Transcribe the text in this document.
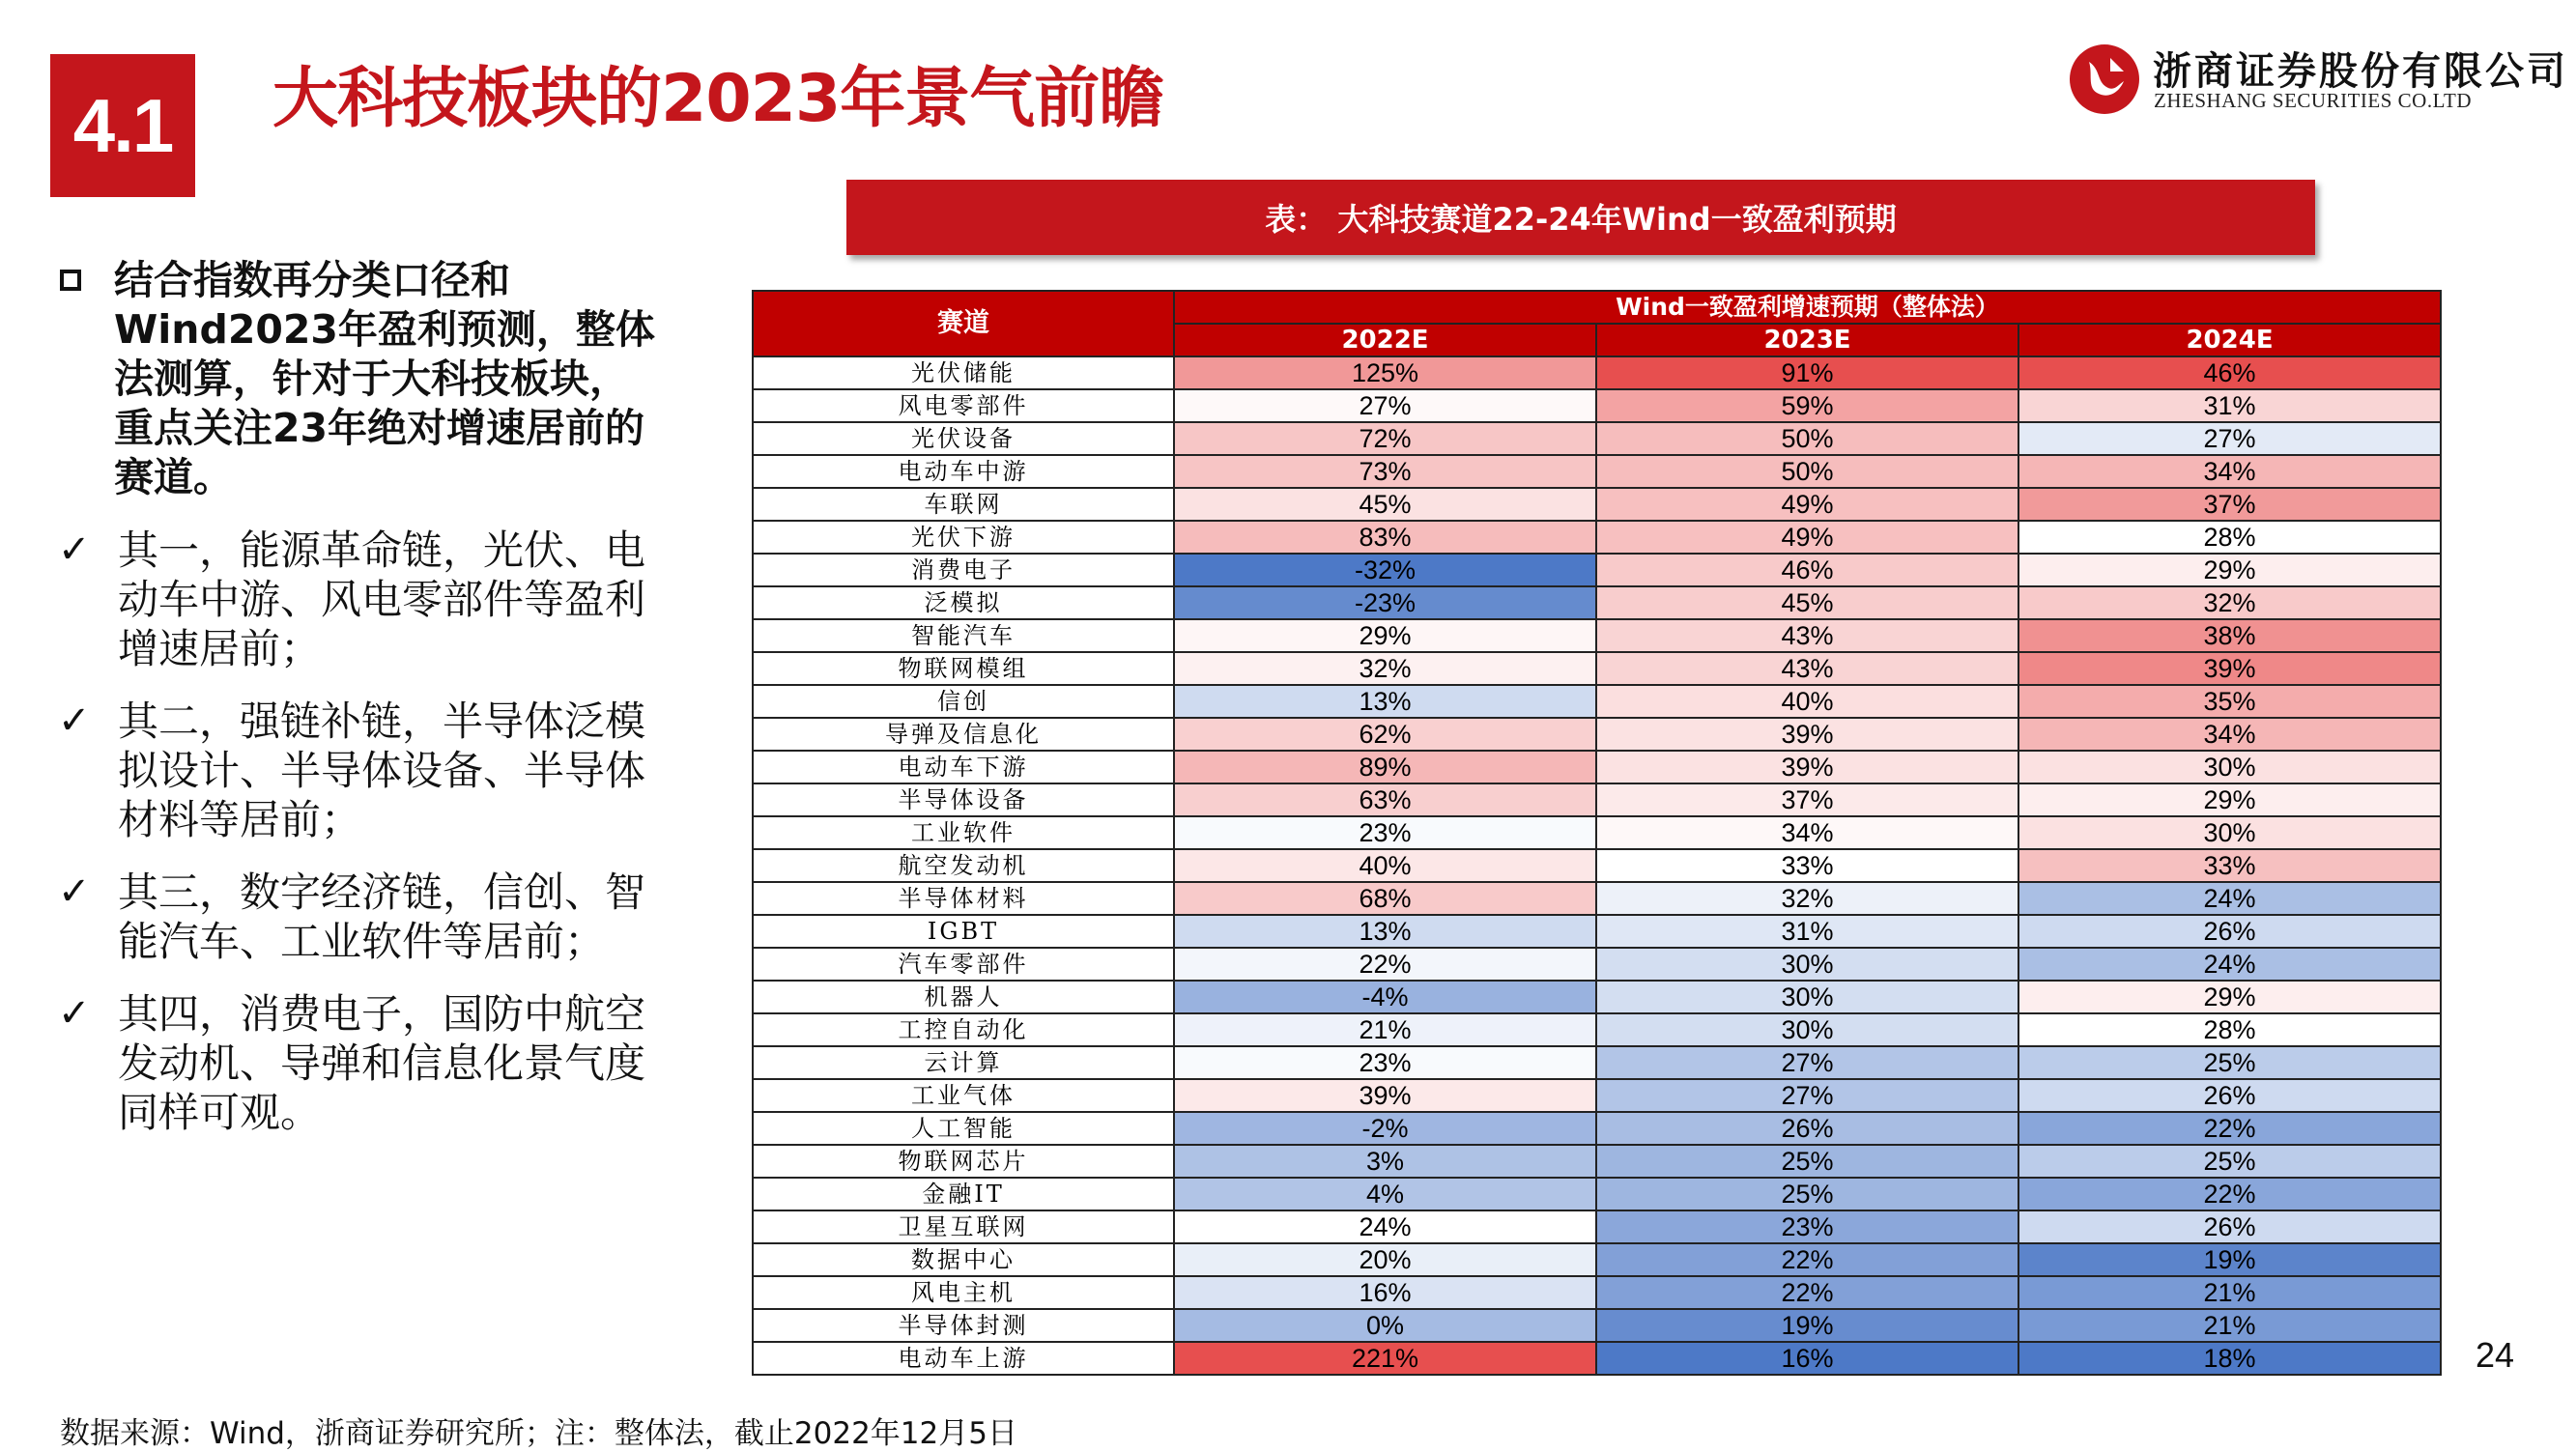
4.1	大科技板块的2023年景气前瞻	浙商证券股份有限公司
ZHESHANG SECURITIES CO.LTD
表： 大科技赛道22-24年Wind一致盈利预期
结合指数再分类口径和Wind2023年盈利预测，整体法测算，针对于大科技板块，重点关注23年绝对增速居前的赛道。
✓ 其一，能源革命链，光伏、电动车中游、风电零部件等盈利增速居前；
✓ 其二，强链补链，半导体泛模拟设计、半导体设备、半导体材料等居前；
✓ 其三，数字经济链，信创、智能汽车、工业软件等居前；
✓ 其四，消费电子，国防中航空发动机、导弹和信息化景气度同样可观。
赛道	Wind一致盈利增速预期（整体法）		
	2022E	2023E	2024E
光伏储能	125%	91%	46%
风电零部件	27%	59%	31%
光伏设备	72%	50%	27%
电动车中游	73%	50%	34%
车联网	45%	49%	37%
光伏下游	83%	49%	28%
消费电子	-32%	46%	29%
泛模拟	-23%	45%	32%
智能汽车	29%	43%	38%
物联网模组	32%	43%	39%
信创	13%	40%	35%
导弹及信息化	62%	39%	34%
电动车下游	89%	39%	30%
半导体设备	63%	37%	29%
工业软件	23%	34%	30%
航空发动机	40%	33%	33%
半导体材料	68%	32%	24%
IGBT	13%	31%	26%
汽车零部件	22%	30%	24%
机器人	-4%	30%	29%
工控自动化	21%	30%	28%
云计算	23%	27%	25%
工业气体	39%	27%	26%
人工智能	-2%	26%	22%
物联网芯片	3%	25%	25%
金融IT	4%	25%	22%
卫星互联网	24%	23%	26%
数据中心	20%	22%	19%
风电主机	16%	22%	21%
半导体封测	0%	19%	21%
电动车上游	221%	16%	18%	24
数据来源：Wind，浙商证券研究所；注：整体法，截止2022年12月5日
